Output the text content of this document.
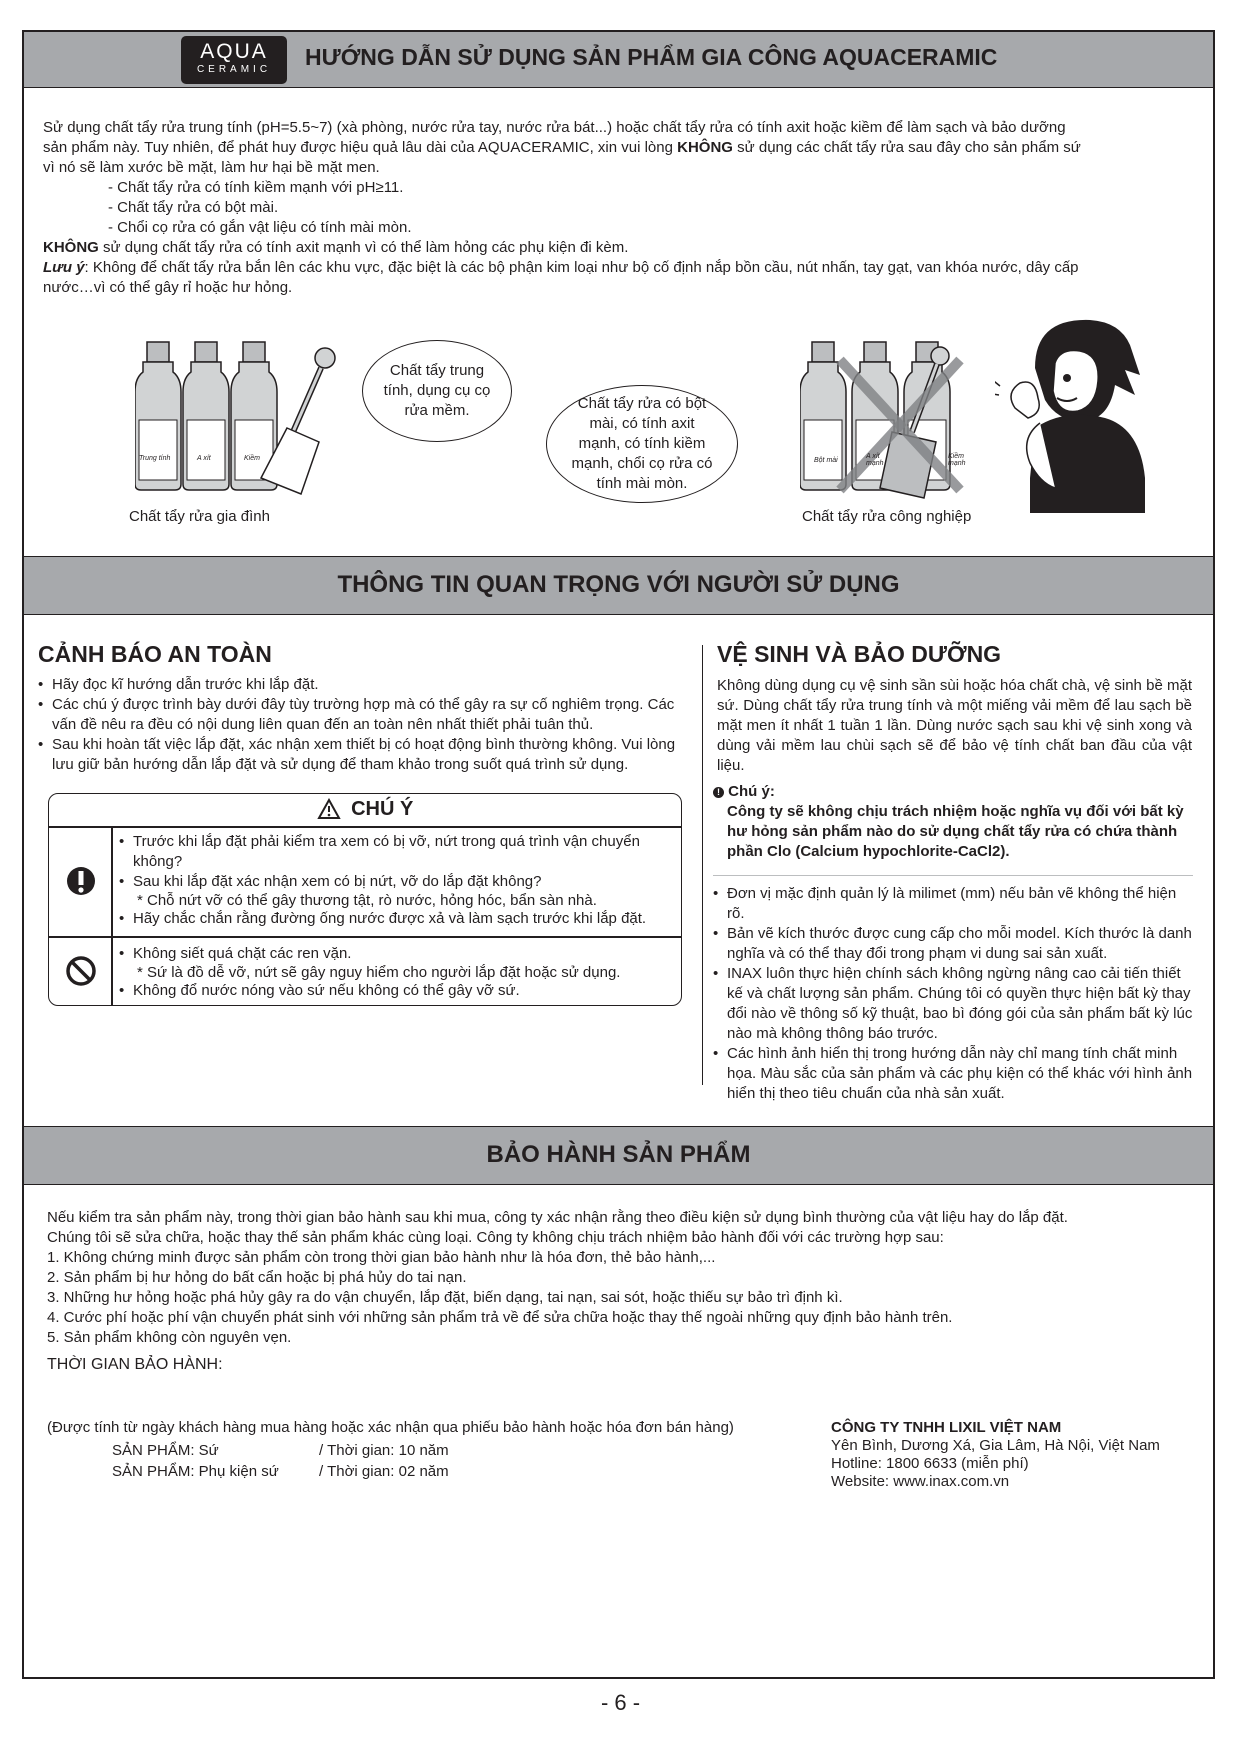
AQUA
CERAMIC	HƯỚNG DẪN SỬ DỤNG SẢN PHẨM GIA CÔNG AQUACERAMIC

Sử dụng chất tẩy rửa trung tính (pH=5.5~7) (xà phòng, nước rửa tay, nước rửa bát...) hoặc chất tẩy rửa có tính axit hoặc kiềm để làm sạch và bảo dưỡng

sản phẩm này. Tuy nhiên, để phát huy được hiệu quả lâu dài của AQUACERAMIC, xin vui lòng KHÔNG sử dụng các chất tẩy rửa sau đây cho sản phẩm sứ

vì nó sẽ làm xước bề mặt, làm hư hại bề mặt men.

- Chất tẩy rửa có tính kiềm mạnh với pH≥11.

- Chất tẩy rửa có bột mài.

- Chổi cọ rửa có gắn vật liệu có tính mài mòn.

KHÔNG sử dụng chất tẩy rửa có tính axit mạnh vì có thể làm hỏng các phụ kiện đi kèm.

Lưu ý: Không để chất tẩy rửa bắn lên các khu vực, đặc biệt là các bộ phận kim loại như bộ cố định nắp bồn cầu, nút nhấn, tay gạt, van khóa nước, dây cấp

nước…vì có thể gây rỉ hoặc hư hỏng.

Trung tính	A xít	Kiềm
Chất tẩy trung tính, dụng cụ cọ rửa mềm.	Chất tẩy rửa có bột mài, có tính axit mạnh, có tính kiềm mạnh, chổi cọ rửa có tính mài mòn.
Chất tẩy rửa gia đình
Bột mài
A xít mạnh
Kiềm mạnh
Chất tẩy rửa công nghiệp
THÔNG TIN QUAN TRỌNG VỚI NGƯỜI SỬ DỤNG
CẢNH BÁO AN TOÀN
• Hãy đọc kĩ hướng dẫn trước khi lắp đặt.
• Các chú ý được trình bày dưới đây tùy trường hợp mà có thể gây ra sự cố nghiêm trọng. Các vấn đề nêu ra đều có nội dung liên quan đến an toàn nên nhất thiết phải tuân thủ.
• Sau khi hoàn tất việc lắp đặt, xác nhận xem thiết bị có hoạt động bình thường không. Vui lòng lưu giữ bản hướng dẫn lắp đặt và sử dụng để tham khảo trong suốt quá trình sử dụng.
CHÚ Ý
• Trước khi lắp đặt phải kiểm tra xem có bị vỡ, nứt trong quá trình vận chuyển không?
• Sau khi lắp đặt xác nhận xem có bị nứt, vỡ do lắp đặt không?
* Chỗ nứt vỡ có thể gây thương tật, rò nước, hỏng hóc, bẩn sàn nhà.
• Hãy chắc chắn rằng đường ống nước được xả và làm sạch trước khi lắp đặt.
• Không siết quá chặt các ren vặn.
* Sứ là đồ dễ vỡ, nứt sẽ gây nguy hiểm cho người lắp đặt hoặc sử dụng.
• Không đổ nước nóng vào sứ nếu không có thể gây vỡ sứ.
VỆ SINH VÀ BẢO DƯỠNG
Không dùng dụng cụ vệ sinh sần sùi hoặc hóa chất chà, vệ sinh bề mặt sứ. Dùng chất tẩy rửa trung tính và một miếng vải mềm để lau sạch bề mặt men ít nhất 1 tuần 1 lần. Dùng nước sạch sau khi vệ sinh xong và dùng vải mềm lau chùi sạch sẽ để bảo vệ tính chất ban đầu của vật liệu.
! Chú ý:
Công ty sẽ không chịu trách nhiệm hoặc nghĩa vụ đối với bất kỳ hư hỏng sản phẩm nào do sử dụng chất tẩy rửa có chứa thành phần Clo (Calcium hypochlorite-CaCl2).
• Đơn vị mặc định quản lý là milimet (mm) nếu bản vẽ không thể hiện rõ.
• Bản vẽ kích thước được cung cấp cho mỗi model. Kích thước là danh nghĩa và có thể thay đổi trong phạm vi dung sai sản xuất.
• INAX luôn thực hiện chính sách không ngừng nâng cao cải tiến thiết kế và chất lượng sản phẩm. Chúng tôi có quyền thực hiện bất kỳ thay đổi nào về thông số kỹ thuật, bao bì đóng gói của sản phẩm bất kỳ lúc nào mà không thông báo trước.
• Các hình ảnh hiển thị trong hướng dẫn này chỉ mang tính chất minh họa. Màu sắc của sản phẩm và các phụ kiện có thể khác với hình ảnh hiển thị theo tiêu chuẩn của nhà sản xuất.
BẢO HÀNH SẢN PHẨM

Nếu kiểm tra sản phẩm này, trong thời gian bảo hành sau khi mua, công ty xác nhận rằng theo điều kiện sử dụng bình thường của vật liệu hay do lắp đặt.

Chúng tôi sẽ sửa chữa, hoặc thay thế sản phẩm khác cùng loại. Công ty không chịu trách nhiệm bảo hành đối với các trường hợp sau:

1. Không chứng minh được sản phẩm còn trong thời gian bảo hành như là hóa đơn, thẻ bảo hành,...

2. Sản phẩm bị hư hỏng do bất cẩn hoặc bị phá hủy do tai nạn.

3. Những hư hỏng hoặc phá hủy gây ra do vận chuyển, lắp đặt, biến dạng, tai nạn, sai sót, hoặc thiếu sự bảo trì định kì.

4. Cước phí hoặc phí vận chuyển phát sinh với những sản phẩm trả về để sửa chữa hoặc thay thế ngoài những quy định bảo hành trên.

5. Sản phẩm không còn nguyên vẹn.

THỜI GIAN BẢO HÀNH:
(Được tính từ ngày khách hàng mua hàng hoặc xác nhận qua phiếu bảo hành hoặc hóa đơn bán hàng)
SẢN PHẨM: Sứ	/ Thời gian: 10 năm
SẢN PHẨM: Phụ kiện sứ	/ Thời gian: 02 năm
CÔNG TY TNHH LIXIL VIỆT NAM
Yên Bình, Dương Xá, Gia Lâm, Hà Nội, Việt Nam
Hotline: 1800 6633 (miễn phí)
Website: www.inax.com.vn
- 6 -
